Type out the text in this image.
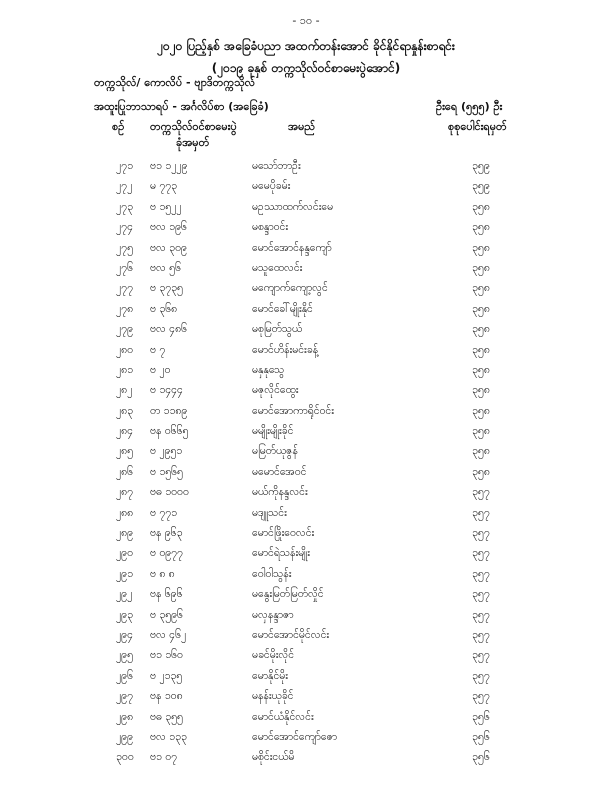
- ၁၀ -
၂၀၂၀ ပြည့်နှစ် အခြေခံပညာ အထက်တန်းအောင် ခိုင်နိုင်ရာနှုန်းစာရင်း
(၂၀၁၉ ခုနှစ် တက္ကသိုလ်ဝင်စာမေးပွဲအောင်)
တက္ကသိုလ်/ ကောလိပ် - ဗျာဒိတက္ကသိုလ်
အထူးပြုဘာသာရပ် - အင်္ဂလိပ်စာ (အခြေခံ)	ဦးရေ (၅၅၅) ဦး
စဉ် တက္ကသိုလ်ဝင်စာမေးပွဲ
ခုံအမှတ်
အမည်	စုစုပေါင်းရမှတ်
၂၇၁ ဗ၁ ၁၂၂၉	မသော်ဘာဦး	၃၅၉
၂၇၂ မ ၇၇၃	မမေပိုခမ်း	၃၅၉
၂၇၃ ဗ ၁၅၂၂	မဥဿာထက်လင်းမေ	၃၅၈
၂၇၄ ဗလ ၁၉၆	မစန္ဒာဝင်း	၃၅၈
၂၇၅ ဗလ ၃၀၉	မောင်အောင်နန္ဒကျော်	၃၅၈
၂၇၆ ဗလ ၅၆	မသူထေလင်း	၃၅၈
၂၇၇ ဗ ၃၇၃၅	မကျောက်ကျော့လွင်	၃၅၈
၂၇၈ ဗ ၃၆၈	မောင်ခေါ်မျိုးနိုင်	၃၅၈
၂၇၉ ဗလ ၄၈၆	မစုမြတ်သွယ်	၃၅၈
၂၈၀ ဗ ၇	မောင်ဟိန်းမင်းခန့်	၃၅၈
၂၈၁ ဗ ၂၀	မနှနုသွေ	၃၅၈
၂၈၂ ဗ ၁၄၄၄	မဇုလိုင်ထွေး	၃၅၈
၂၈၃ တ ၁၁၈၉	မောင်အောကာရိုင်ဝင်း	၃၅၈
၂၈၄ ဗန ၀၆၆၅	မမျိုးမျိုးခိုင်	၃၅၈
၂၈၅ ဗ ၂၉၅၁	မမြတ်ယုဇွန်	၃၅၈
၂၈၆ ဗ ၁၅၆၅	မမောင်အေဝင်	၃၅၈
၂၈၇ ဗဓ ၁၀၀၀	မယ်ကိုနန္ဒလင်း	၃၅၇
၂၈၈ ဗ ၇၇၁	မဒျူသင်း	၃၅၇
၂၈၉ ဗန ၉၆၃	မောင်ဖြိုးဝေလင်း	၃၅၇
၂၉၀ ဗ ၀၉၇၇	မောင်ရဲသန်းမျိုး	၃၅၇
၂၉၁ ဗ ၈ ၈	ဝေါဝါသွန်း	၃၅၇
၂၉၂ ဗန ၆၉၆	မနွေးမြတ်မြတ်လှိုင်	၃၅၇
၂၉၃ ဗ ၃၅၉၆	မလှနန္ဒာဇာ	၃၅၇
၂၉၄ ဗလ ၄၆၂	မောင်အောင်မိုင်လင်း	၃၅၇
၂၉၅ ဗ၁ ၁၆၀	မခင်မိုးလိုင်	၃၅၇
၂၉၆ ဗ ၂၁၃၅	မောနိုင်မိုး	၃၅၇
၂၉၇ ဗန ၁၀၈	မနန်းယုခိုင်	၃၅၇
၂၉၈ ဗဓ ၃၅၅	မောင်ယံနိုင်လင်း	၃၅၆
၂၉၉ ဗလ ၁၃၃	မောင်အောင်ကျော်ဇော	၃၅၆
၃၀၀ ဗ၁ ၀၇	မစိုင်းငယ်မိ	၃၅၆
